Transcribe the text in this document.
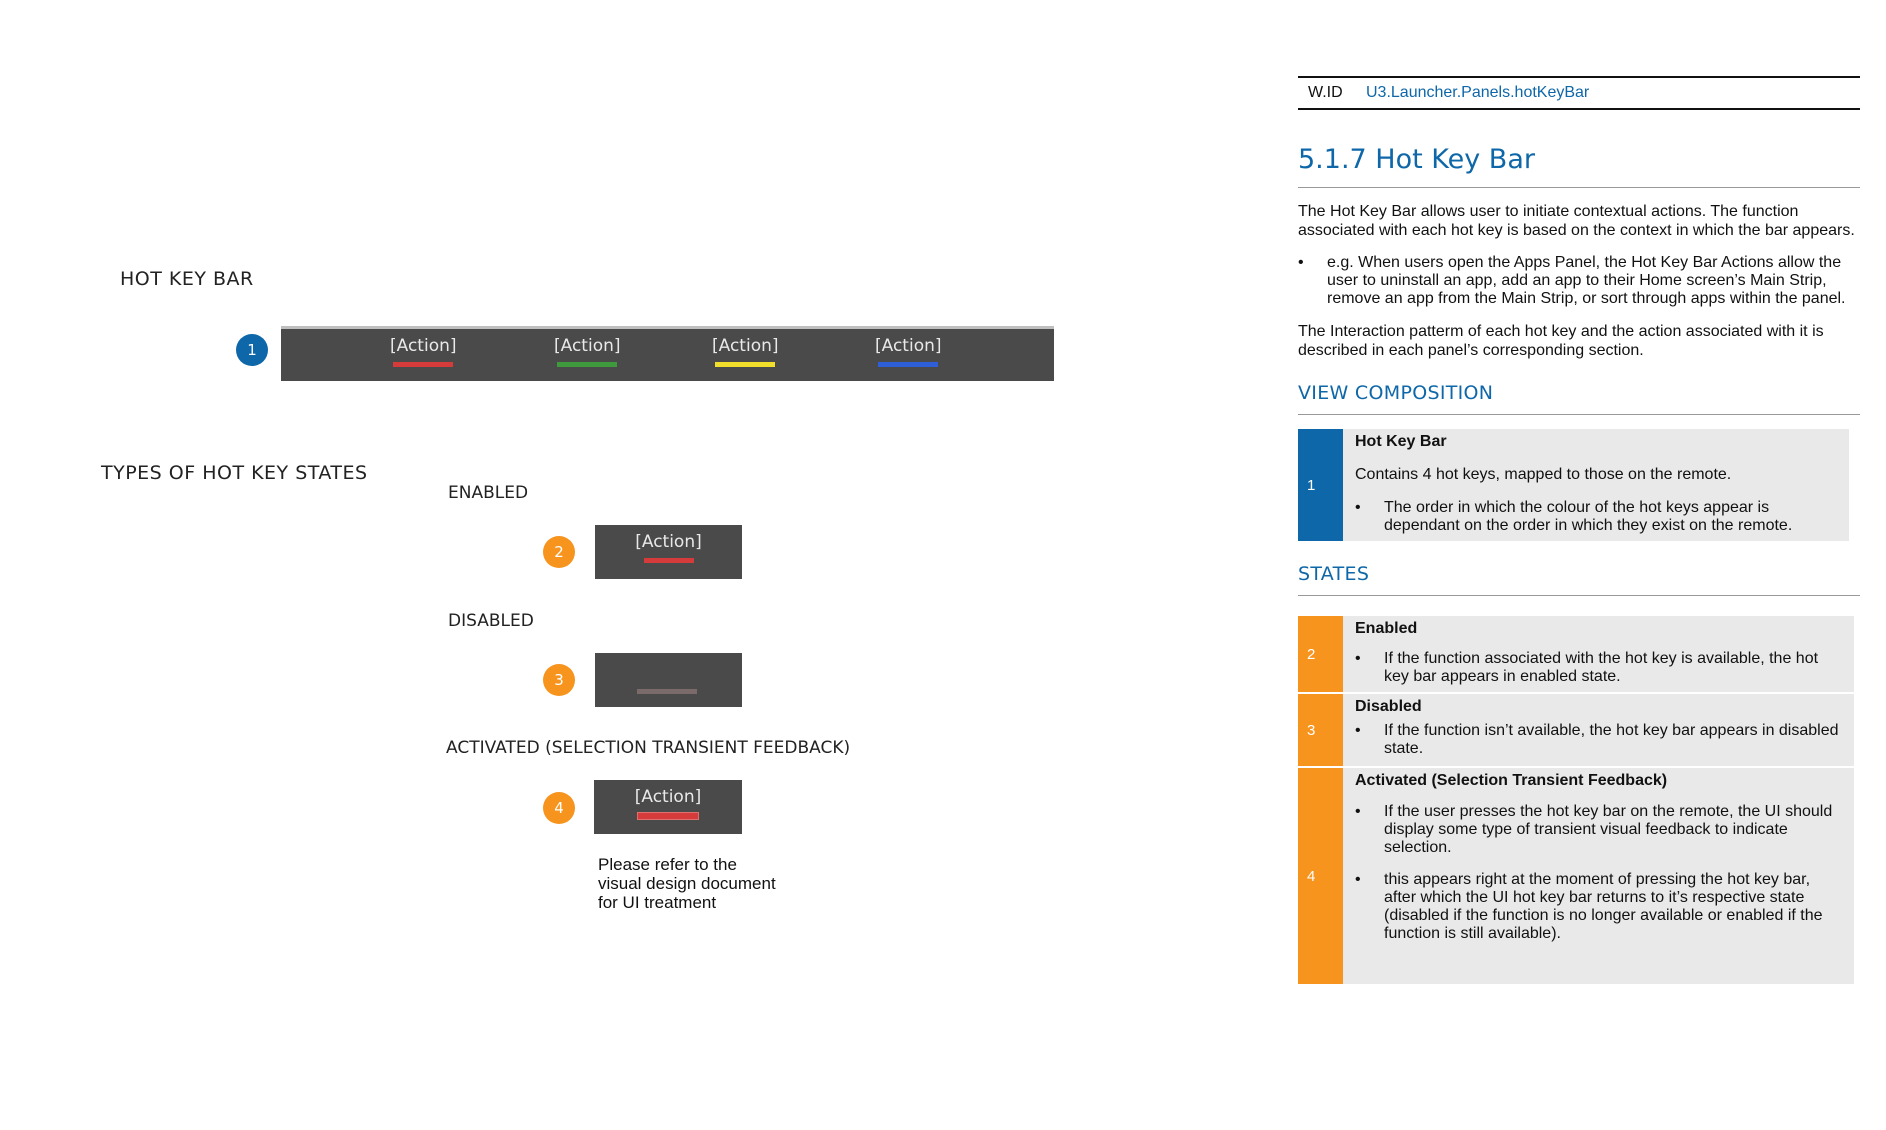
HOT KEY BAR
1	[Action]	[Action]	[Action]	[Action]
TYPES OF HOT KEY STATES
ENABLED
2	[Action]
DISABLED
3
ACTIVATED (SELECTION TRANSIENT FEEDBACK)
4
[Action]
Please refer to the
visual design document
for UI treatment
W.ID	U3.Launcher.Panels.hotKeyBar
5.1.7 Hot Key Bar
The Hot Key Bar allows user to initiate contextual actions. The function
associated with each hot key is based on the context in which the bar appears.
•	e.g. When users open the Apps Panel, the Hot Key Bar Actions allow the
user to uninstall an app, add an app to their Home screen’s Main Strip,
remove an app from the Main Strip, or sort through apps within the panel.
The Interaction patterm of each hot key and the action associated with it is
described in each panel’s corresponding section.
VIEW COMPOSITION
1
Hot Key Bar
Contains 4 hot keys, mapped to those on the remote.
•	The order in which the colour of the hot keys appear is
dependant on the order in which they exist on the remote.
STATES
2
Enabled
•	If the function associated with the hot key is available, the hot
key bar appears in enabled state.
3
Disabled
•	If the function isn’t available, the hot key bar appears in disabled
state.
4
Activated (Selection Transient Feedback)
•	If the user presses the hot key bar on the remote, the UI should
display some type of transient visual feedback to indicate
selection.
•	this appears right at the moment of pressing the hot key bar,
after which the UI hot key bar returns to it’s respective state
(disabled if the function is no longer available or enabled if the
function is still available).
